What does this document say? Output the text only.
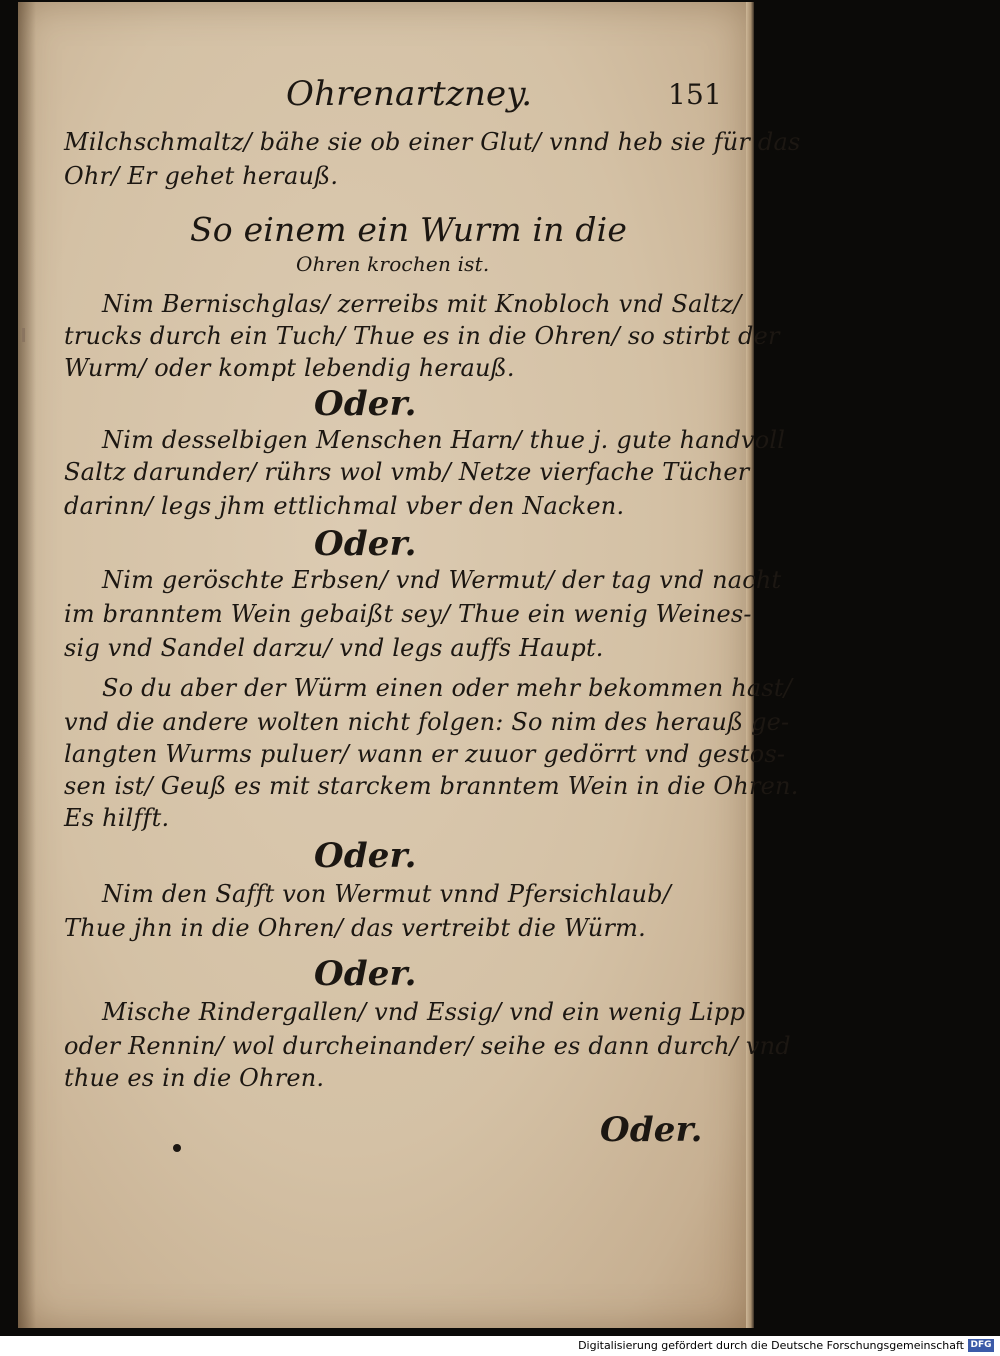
Ohrenartzney.	151
Milchschmaltz/ bähe sie ob einer Glut/ vnnd heb sie für das
Ohr/ Er gehet herauß.
So einem ein Wurm in die
Ohren krochen ist.
Nim Bernischglas/ zerreibs mit Knobloch vnd Saltz/
trucks durch ein Tuch/ Thue es in die Ohren/ so stirbt der
Wurm/ oder kompt lebendig herauß.
Oder.
Nim desselbigen Menschen Harn/ thue j. gute handvoll
Saltz darunder/ rührs wol vmb/ Netze vierfache Tücher
darinn/ legs jhm ettlichmal vber den Nacken.
Oder.
Nim geröschte Erbsen/ vnd Wermut/ der tag vnd nacht
im branntem Wein gebaißt sey/ Thue ein wenig Weines-
sig vnd Sandel darzu/ vnd legs auffs Haupt.
So du aber der Würm einen oder mehr bekommen hast/
vnd die andere wolten nicht folgen: So nim des herauß ge-
langten Wurms puluer/ wann er zuuor gedörrt vnd gestos-
sen ist/ Geuß es mit starckem branntem Wein in die Ohren.
Es hilfft.
Oder.
Nim den Safft von Wermut vnnd Pfersichlaub/
Thue jhn in die Ohren/ das vertreibt die Würm.
Oder.
Mische Rindergallen/ vnd Essig/ vnd ein wenig Lipp
oder Rennin/ wol durcheinander/ seihe es dann durch/ vnd
thue es in die Ohren.
Oder.
Digitalisierung gefördert durch die Deutsche Forschungsgemeinschaft DFG
